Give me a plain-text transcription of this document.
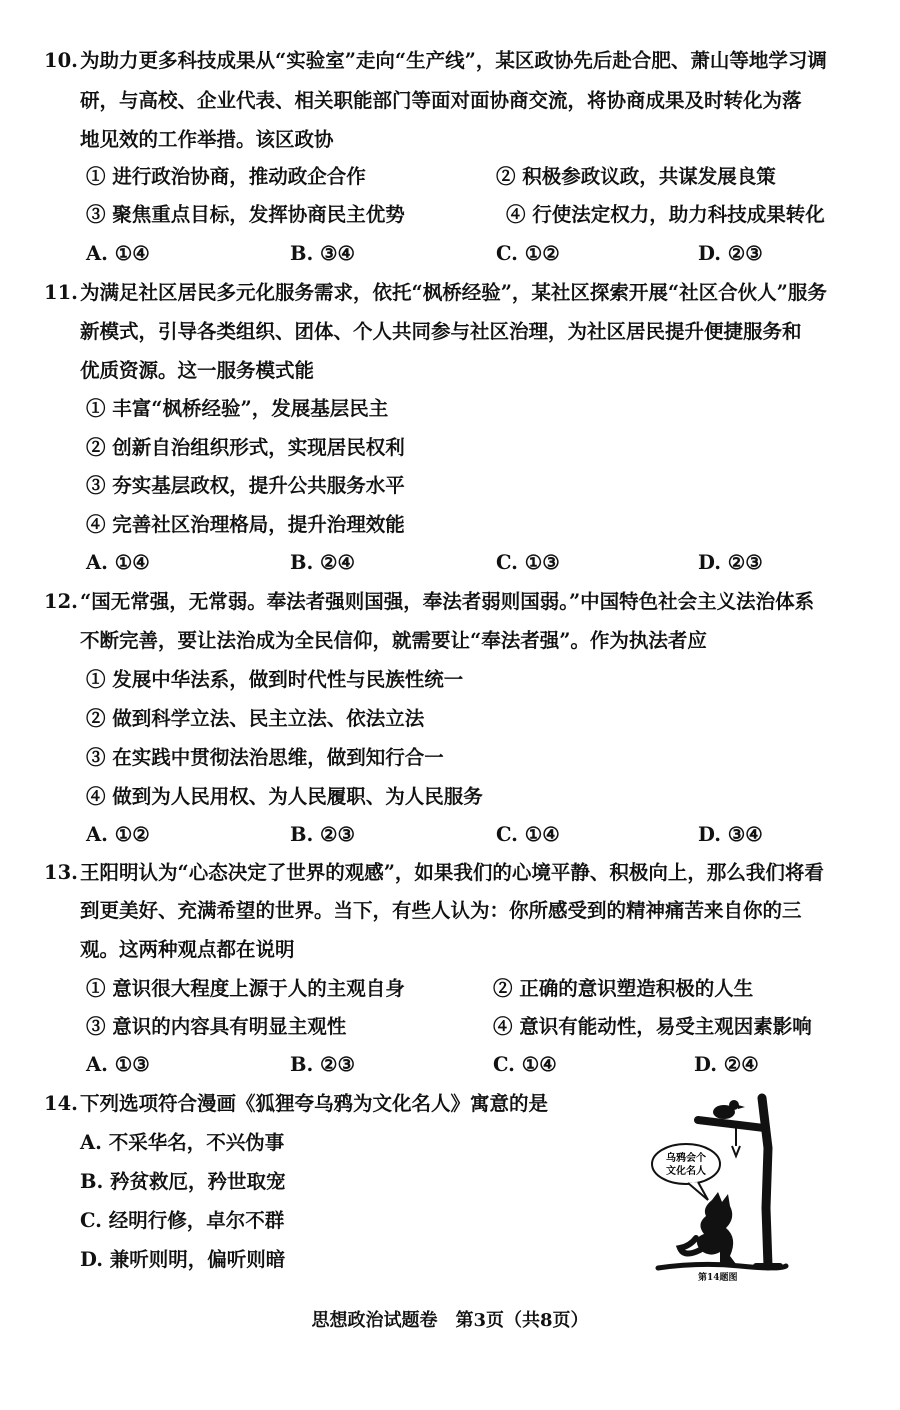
10. 为助力更多科技成果从“实验室”走向“生产线”，某区政协先后赴合肥、萧山等地学习调
研，与高校、企业代表、相关职能部门等面对面协商交流，将协商成果及时转化为落
地见效的工作举措。该区政协
① 进行政治协商，推动政企合作	② 积极参政议政，共谋发展良策
③ 聚焦重点目标，发挥协商民主优势	④ 行使法定权力，助力科技成果转化
A. ①④	B. ③④	C. ①②	D. ②③
11. 为满足社区居民多元化服务需求，依托“枫桥经验”，某社区探索开展“社区合伙人”服务
新模式，引导各类组织、团体、个人共同参与社区治理，为社区居民提升便捷服务和
优质资源。这一服务模式能
① 丰富“枫桥经验”，发展基层民主
② 创新自治组织形式，实现居民权利
③ 夯实基层政权，提升公共服务水平
④ 完善社区治理格局，提升治理效能
A. ①④	B. ②④	C. ①③	D. ②③
12. “国无常强，无常弱。奉法者强则国强，奉法者弱则国弱。”中国特色社会主义法治体系
不断完善，要让法治成为全民信仰，就需要让“奉法者强”。作为执法者应
① 发展中华法系，做到时代性与民族性统一
② 做到科学立法、民主立法、依法立法
③ 在实践中贯彻法治思维，做到知行合一
④ 做到为人民用权、为人民履职、为人民服务
A. ①②	B. ②③	C. ①④	D. ③④
13. 王阳明认为“心态决定了世界的观感”，如果我们的心境平静、积极向上，那么我们将看
到更美好、充满希望的世界。当下，有些人认为：你所感受到的精神痛苦来自你的三
观。这两种观点都在说明
① 意识很大程度上源于人的主观自身	② 正确的意识塑造积极的人生
③ 意识的内容具有明显主观性	④ 意识有能动性，易受主观因素影响
A. ①③	B. ②③	C. ①④	D. ②④
14. 下列选项符合漫画《狐狸夸乌鸦为文化名人》寓意的是
A. 不采华名，不兴伪事
B. 矜贫救厄，矜世取宠
C. 经明行修，卓尔不群
D. 兼听则明，偏听则暗
乌鸦会个
文化名人
第14题图
思想政治试题卷　第3页（共8页）
